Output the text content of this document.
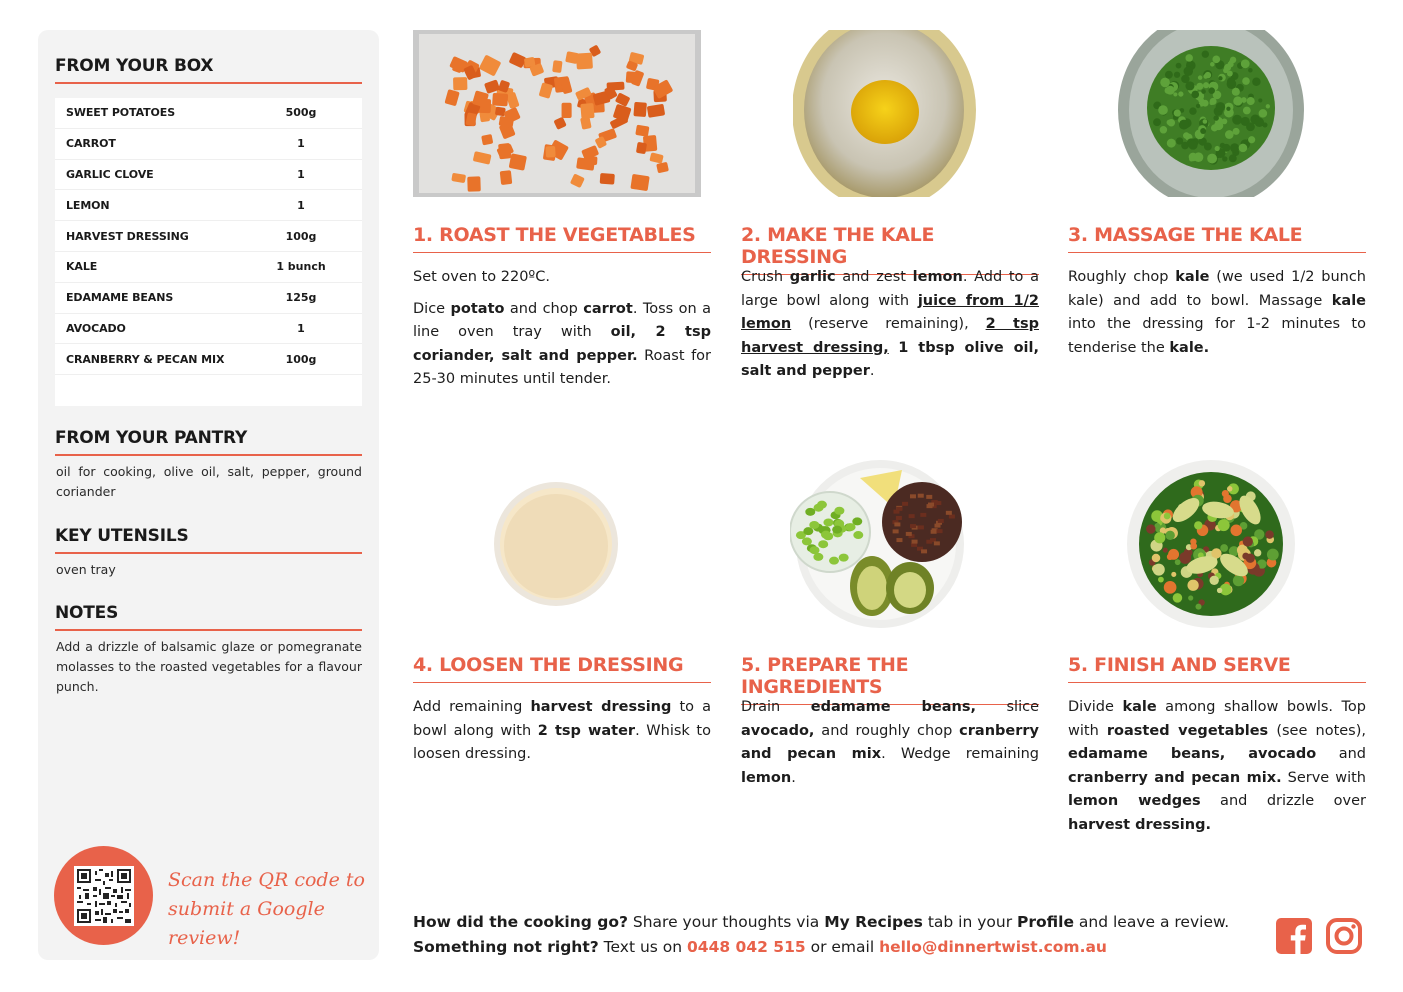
FROM YOUR BOX
SWEET POTATOES	500g
CARROT	1
GARLIC CLOVE	1
LEMON	1
HARVEST DRESSING	100g
KALE	1 bunch
EDAMAME BEANS	125g
AVOCADO	1
CRANBERRY & PECAN MIX	100g
FROM YOUR PANTRY
oil for cooking, olive oil, salt, pepper, ground coriander
KEY UTENSILS
oven tray
NOTES
Add a drizzle of balsamic glaze or pomegranate molasses to the roasted vegetables for a flavour punch.
Scan the QR code to
submit a Google review!
1. ROAST THE VEGETABLES

Set oven to 220ºC.

Dice potato and chop carrot. Toss on a line oven tray with oil, 2 tsp coriander, salt and pepper. Roast for 25-30 minutes until tender.

2. MAKE THE KALE DRESSING

Crush garlic and zest lemon. Add to a large bowl along with juice from 1/2 lemon (reserve remaining), 2 tsp harvest dressing, 1 tbsp olive oil, salt and pepper.

3. MASSAGE THE KALE

Roughly chop kale (we used 1/2 bunch kale) and add to bowl. Massage kale into the dressing for 1-2 minutes to tenderise the kale.

4. LOOSEN THE DRESSING

Add remaining harvest dressing to a bowl along with 2 tsp water. Whisk to loosen dressing.

5. PREPARE THE INGREDIENTS

Drain edamame beans, slice avocado, and roughly chop cranberry and pecan mix. Wedge remaining lemon.

5. FINISH AND SERVE

Divide kale among shallow bowls. Top with roasted vegetables (see notes), edamame beans, avocado and cranberry and pecan mix. Serve with lemon wedges and drizzle over harvest dressing.

How did the cooking go? Share your thoughts via My Recipes tab in your Profile and leave a review.
Something not right? Text us on 0448 042 515 or email hello@dinnertwist.com.au
